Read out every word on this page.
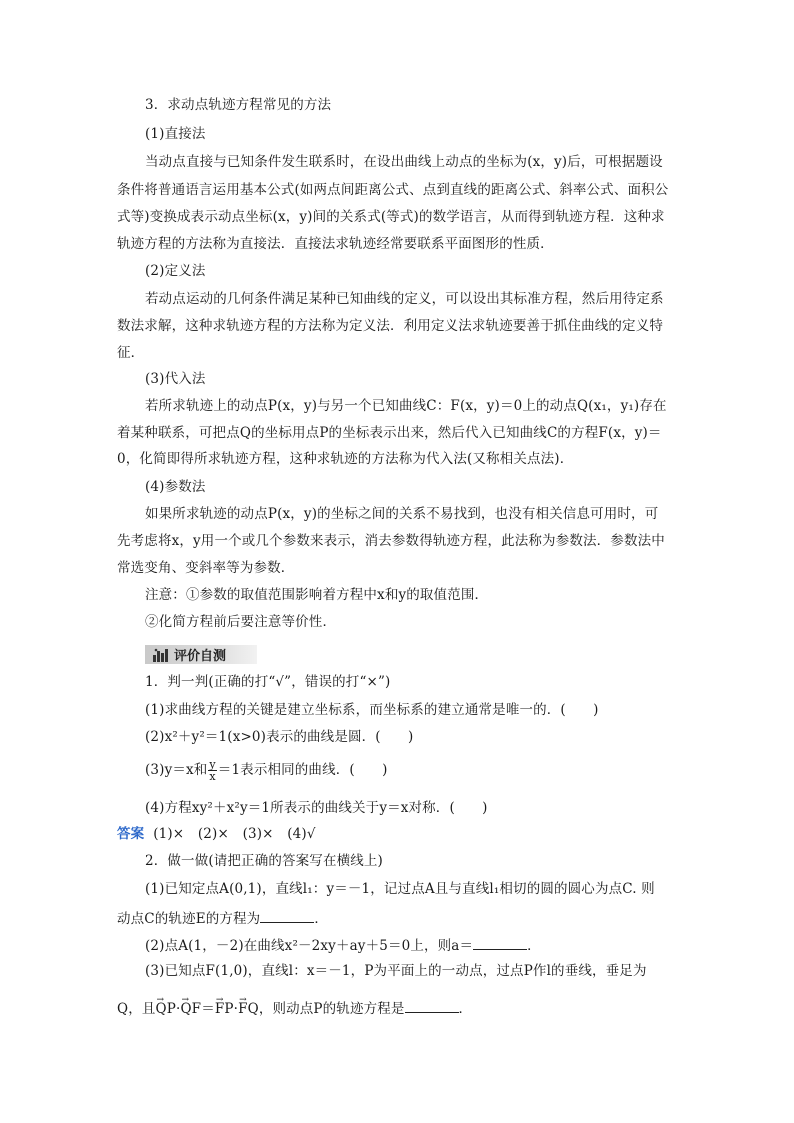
3．求动点轨迹方程常见的方法
(1)直接法
当动点直接与已知条件发生联系时，在设出曲线上动点的坐标为(x，y)后，可根据题设
条件将普通语言运用基本公式(如两点间距离公式、点到直线的距离公式、斜率公式、面积公
式等)变换成表示动点坐标(x，y)间的关系式(等式)的数学语言，从而得到轨迹方程．这种求
轨迹方程的方法称为直接法．直接法求轨迹经常要联系平面图形的性质．
(2)定义法
若动点运动的几何条件满足某种已知曲线的定义，可以设出其标准方程，然后用待定系
数法求解，这种求轨迹方程的方法称为定义法．利用定义法求轨迹要善于抓住曲线的定义特
征．
(3)代入法
若所求轨迹上的动点P(x，y)与另一个已知曲线C：F(x，y)＝0上的动点Q(x₁，y₁)存在
着某种联系，可把点Q的坐标用点P的坐标表示出来，然后代入已知曲线C的方程F(x，y)＝
0，化简即得所求轨迹方程，这种求轨迹的方法称为代入法(又称相关点法)．
(4)参数法
如果所求轨迹的动点P(x，y)的坐标之间的关系不易找到，也没有相关信息可用时，可
先考虑将x，y用一个或几个参数来表示，消去参数得轨迹方程，此法称为参数法．参数法中
常选变角、变斜率等为参数．
注意：①参数的取值范围影响着方程中x和y的取值范围．
②化简方程前后要注意等价性．
评价自测
1．判一判(正确的打“√”，错误的打“×”)
(1)求曲线方程的关键是建立坐标系，而坐标系的建立通常是唯一的．(　　)
(2)x²＋y²＝1(x>0)表示的曲线是圆．(　　)
(3)y＝x和 $\frac{y}{x} =1$表示相同的曲线．(　　)
(4)方程xy²＋x²y＝1所表示的曲线关于y＝x对称．(　　)
答案 (1)×　(2)×　(3)×　(4)√
2．做一做(请把正确的答案写在横线上)
(1)已知定点A(0,1)，直线l₁：y＝－1，记过点A且与直线l₁相切的圆的圆心为点C. 则
动点C的轨迹E的方程为	．
(2)点A(1，－2)在曲线x²－2xy＋ay＋5＝0上，则a＝	．
(3)已知点F(1,0)，直线l：x＝－1，P为平面上的一动点，过点P作l的垂线，垂足为
Q，且→ QP·→ QF＝→ FP·→ FQ，则动点P的轨迹方程是	．
